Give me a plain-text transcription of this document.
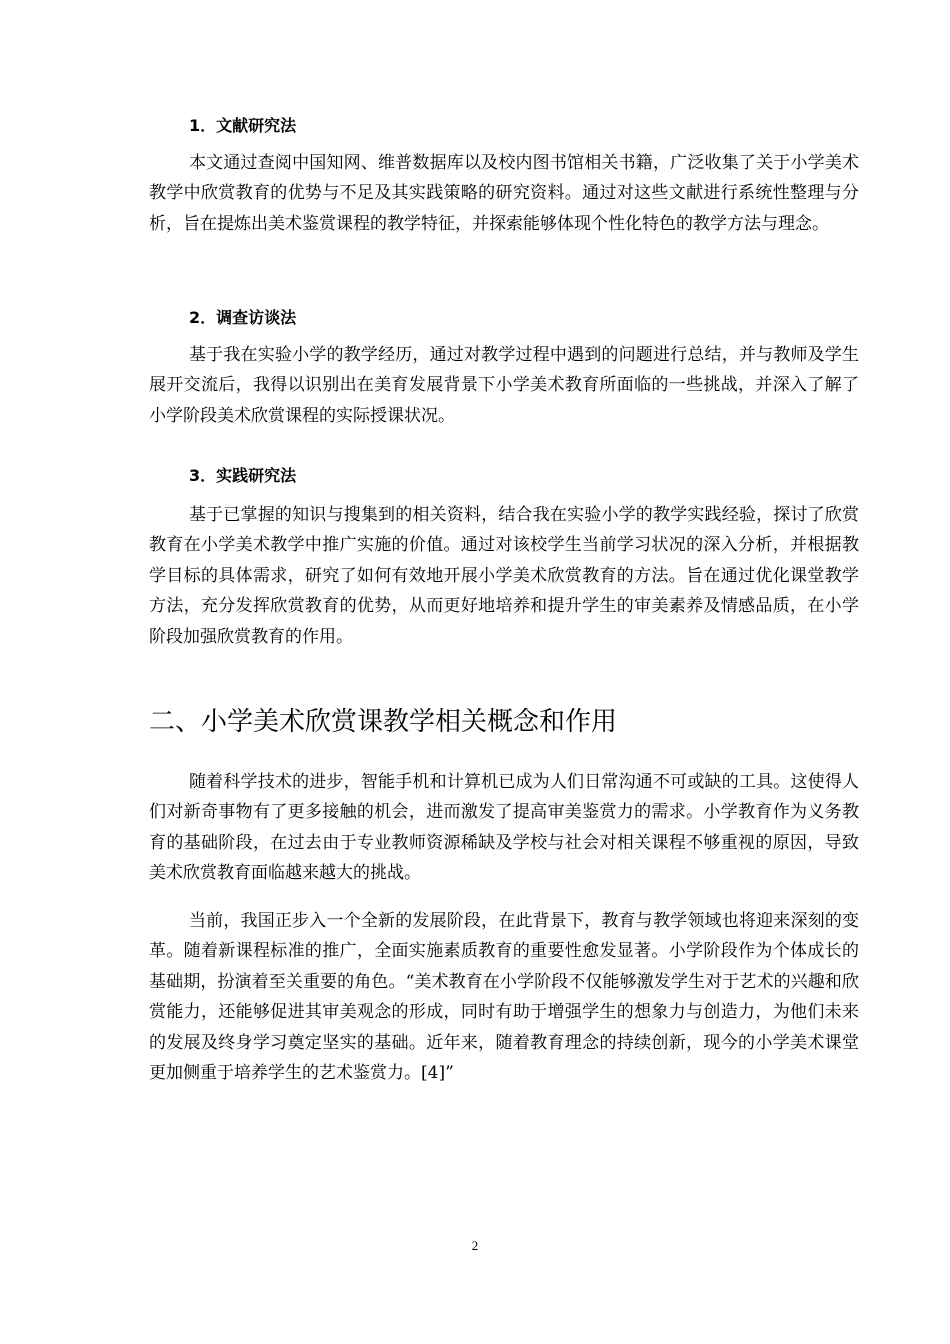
1．文献研究法

本文通过查阅中国知网、维普数据库以及校内图书馆相关书籍，广泛收集了关于小学美术教学中欣赏教育的优势与不足及其实践策略的研究资料。通过对这些文献进行系统性整理与分析，旨在提炼出美术鉴赏课程的教学特征，并探索能够体现个性化特色的教学方法与理念。

2．调查访谈法

基于我在实验小学的教学经历，通过对教学过程中遇到的问题进行总结，并与教师及学生展开交流后，我得以识别出在美育发展背景下小学美术教育所面临的一些挑战，并深入了解了小学阶段美术欣赏课程的实际授课状况。

3．实践研究法

基于已掌握的知识与搜集到的相关资料，结合我在实验小学的教学实践经验，探讨了欣赏教育在小学美术教学中推广实施的价值。通过对该校学生当前学习状况的深入分析，并根据教学目标的具体需求，研究了如何有效地开展小学美术欣赏教育的方法。旨在通过优化课堂教学方法，充分发挥欣赏教育的优势，从而更好地培养和提升学生的审美素养及情感品质，在小学阶段加强欣赏教育的作用。

二、小学美术欣赏课教学相关概念和作用

随着科学技术的进步，智能手机和计算机已成为人们日常沟通不可或缺的工具。这使得人们对新奇事物有了更多接触的机会，进而激发了提高审美鉴赏力的需求。小学教育作为义务教育的基础阶段，在过去由于专业教师资源稀缺及学校与社会对相关课程不够重视的原因，导致美术欣赏教育面临越来越大的挑战。

当前，我国正步入一个全新的发展阶段，在此背景下，教育与教学领域也将迎来深刻的变革。随着新课程标准的推广，全面实施素质教育的重要性愈发显著。小学阶段作为个体成长的基础期，扮演着至关重要的角色。“美术教育在小学阶段不仅能够激发学生对于艺术的兴趣和欣赏能力，还能够促进其审美观念的形成，同时有助于增强学生的想象力与创造力，为他们未来的发展及终身学习奠定坚实的基础。近年来，随着教育理念的持续创新，现今的小学美术课堂更加侧重于培养学生的艺术鉴赏力。[4]”

2
